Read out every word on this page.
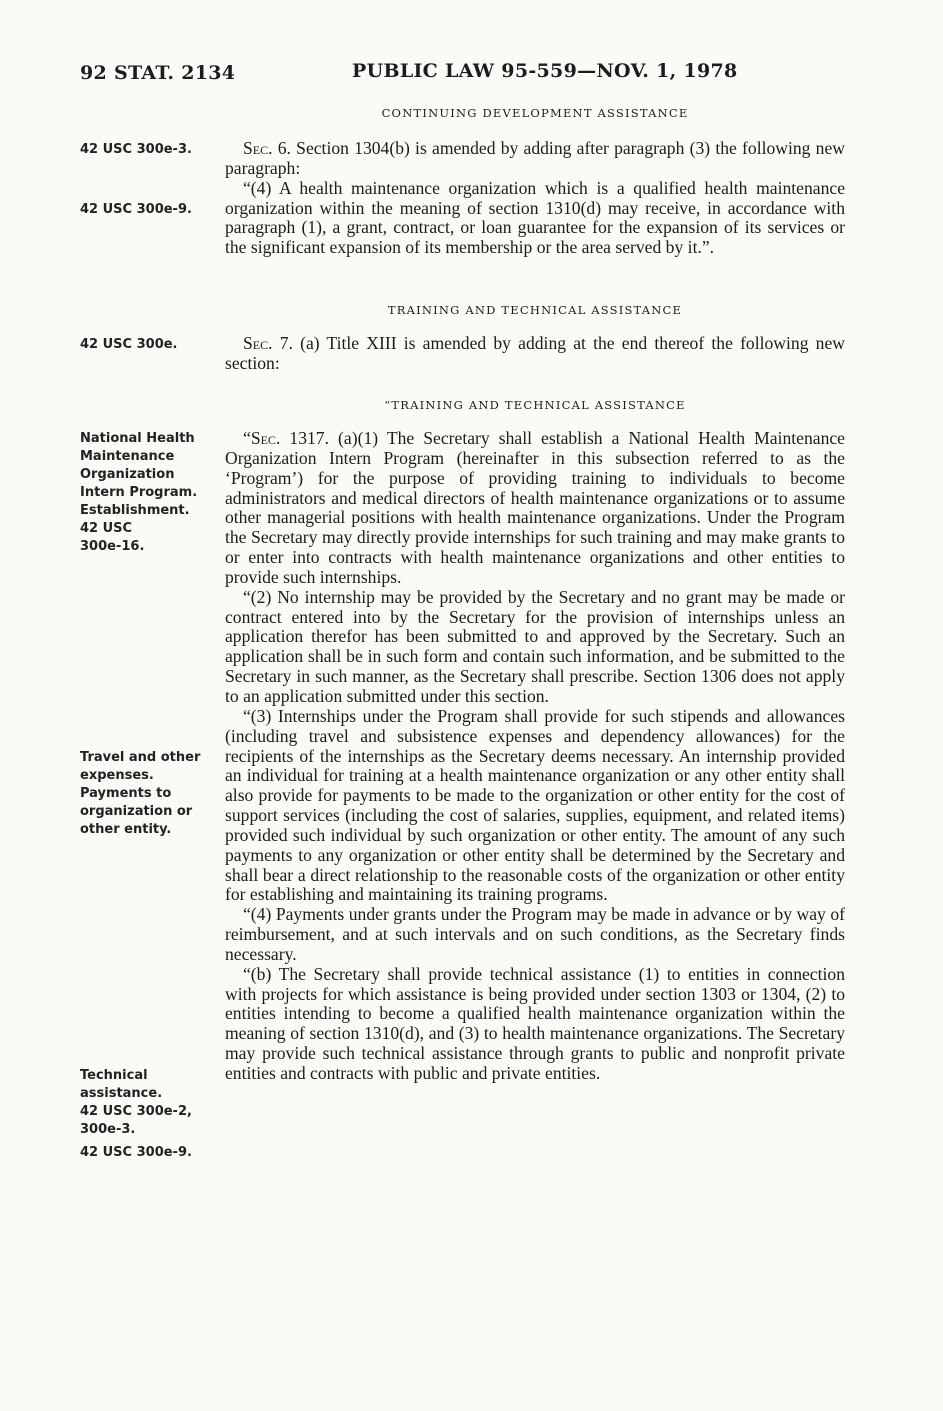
92 STAT. 2134	PUBLIC LAW 95-559—NOV. 1, 1978
CONTINUING DEVELOPMENT ASSISTANCE
42 USC 300e-3.
42 USC 300e-9.

Sec. 6. Section 1304(b) is amended by adding after paragraph (3) the following new paragraph:

“(4) A health maintenance organization which is a qualified health maintenance organization within the meaning of section 1310(d) may receive, in accordance with paragraph (1), a grant, contract, or loan guarantee for the expansion of its services or the significant expansion of its membership or the area served by it.”.

TRAINING AND TECHNICAL ASSISTANCE
42 USC 300e.	Sec. 7. (a) Title XIII is amended by adding at the end thereof the following new section:

“TRAINING AND TECHNICAL ASSISTANCE
National Health
Maintenance
Organization
Intern Program.
Establishment.
42 USC
300e-16.
Travel and other
expenses.
Payments to
organization or
other entity.
Technical
assistance.
42 USC 300e-2,
300e-3.
42 USC 300e-9.

“Sec. 1317. (a)(1) The Secretary shall establish a National Health Maintenance Organization Intern Program (hereinafter in this subsection referred to as the ‘Program’) for the purpose of providing training to individuals to become administrators and medical directors of health maintenance organizations or to assume other managerial positions with health maintenance organizations. Under the Program the Secretary may directly provide internships for such training and may make grants to or enter into contracts with health maintenance organizations and other entities to provide such internships.

“(2) No internship may be provided by the Secretary and no grant may be made or contract entered into by the Secretary for the provision of internships unless an application therefor has been submitted to and approved by the Secretary. Such an application shall be in such form and contain such information, and be submitted to the Secretary in such manner, as the Secretary shall prescribe. Section 1306 does not apply to an application submitted under this section.

“(3) Internships under the Program shall provide for such stipends and allowances (including travel and subsistence expenses and dependency allowances) for the recipients of the internships as the Secretary deems necessary. An internship provided an individual for training at a health maintenance organization or any other entity shall also provide for payments to be made to the organization or other entity for the cost of support services (including the cost of salaries, supplies, equipment, and related items) provided such individual by such organization or other entity. The amount of any such payments to any organization or other entity shall be determined by the Secretary and shall bear a direct relationship to the reasonable costs of the organization or other entity for establishing and maintaining its training programs.

“(4) Payments under grants under the Program may be made in advance or by way of reimbursement, and at such intervals and on such conditions, as the Secretary finds necessary.

“(b) The Secretary shall provide technical assistance (1) to entities in connection with projects for which assistance is being provided under section 1303 or 1304, (2) to entities intending to become a qualified health maintenance organization within the meaning of section 1310(d), and (3) to health maintenance organizations. The Secretary may provide such technical assistance through grants to public and nonprofit private entities and contracts with public and private entities.
